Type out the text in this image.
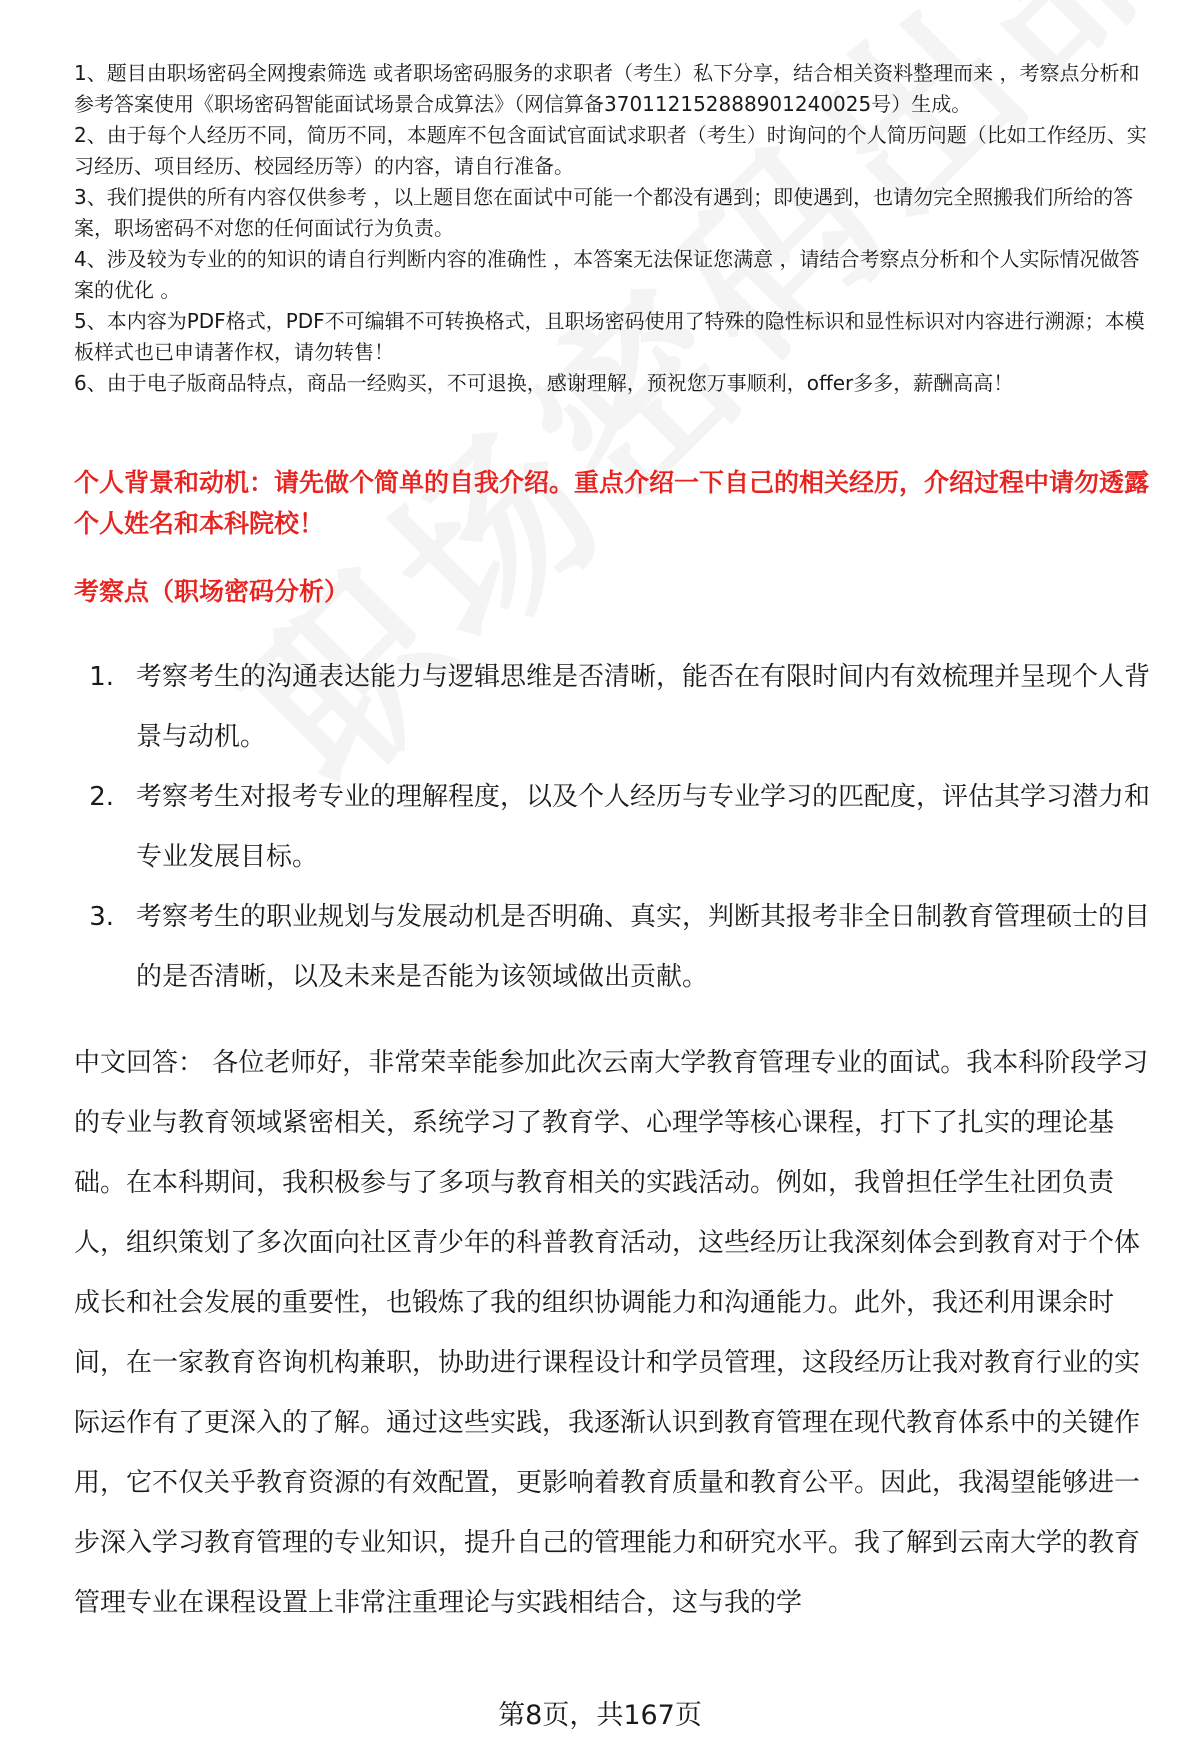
1、题目由职场密码全网搜索筛选 或者职场密码服务的求职者（考生）私下分享，结合相关资料整理而来 ，考察点分析和参考答案使用《职场密码智能面试场景合成算法》（网信算备370112152888901240025号）生成。
2、由于每个人经历不同，简历不同，本题库不包含面试官面试求职者（考生）时询问的个人简历问题（比如工作经历、实习经历、项目经历、校园经历等）的内容，请自行准备。
3、我们提供的所有内容仅供参考 ，以上题目您在面试中可能一个都没有遇到；即使遇到，也请勿完全照搬我们所给的答案，职场密码不对您的任何面试行为负责。
4、涉及较为专业的的知识的请自行判断内容的准确性 ，本答案无法保证您满意 ，请结合考察点分析和个人实际情况做答案的优化 。
5、本内容为PDF格式，PDF不可编辑不可转换格式，且职场密码使用了特殊的隐性标识和显性标识对内容进行溯源；本模板样式也已申请著作权，请勿转售！
6、由于电子版商品特点，商品一经购买，不可退换，感谢理解，预祝您万事顺利，offer多多，薪酬高高！
个人背景和动机：请先做个简单的自我介绍。重点介绍一下自己的相关经历，介绍过程中请勿透露个人姓名和本科院校！
考察点（职场密码分析）
1. 考察考生的沟通表达能力与逻辑思维是否清晰，能否在有限时间内有效梳理并呈现个人背景与动机。
2. 考察考生对报考专业的理解程度，以及个人经历与专业学习的匹配度，评估其学习潜力和专业发展目标。
3. 考察考生的职业规划与发展动机是否明确、真实，判断其报考非全日制教育管理硕士的目的是否清晰，以及未来是否能为该领域做出贡献。

中文回答： 各位老师好，非常荣幸能参加此次云南大学教育管理专业的面试。我本科阶段学习的专业与教育领域紧密相关，系统学习了教育学、心理学等核心课程，打下了扎实的理论基础。在本科期间，我积极参与了多项与教育相关的实践活动。例如，我曾担任学生社团负责人，组织策划了多次面向社区青少年的科普教育活动，这些经历让我深刻体会到教育对于个体成长和社会发展的重要性，也锻炼了我的组织协调能力和沟通能力。此外，我还利用课余时间，在一家教育咨询机构兼职，协助进行课程设计和学员管理，这段经历让我对教育行业的实际运作有了更深入的了解。通过这些实践，我逐渐认识到教育管理在现代教育体系中的关键作用，它不仅关乎教育资源的有效配置，更影响着教育质量和教育公平。因此，我渴望能够进一步深入学习教育管理的专业知识，提升自己的管理能力和研究水平。我了解到云南大学的教育管理专业在课程设置上非常注重理论与实践相结合，这与我的学

第8页，共167页
